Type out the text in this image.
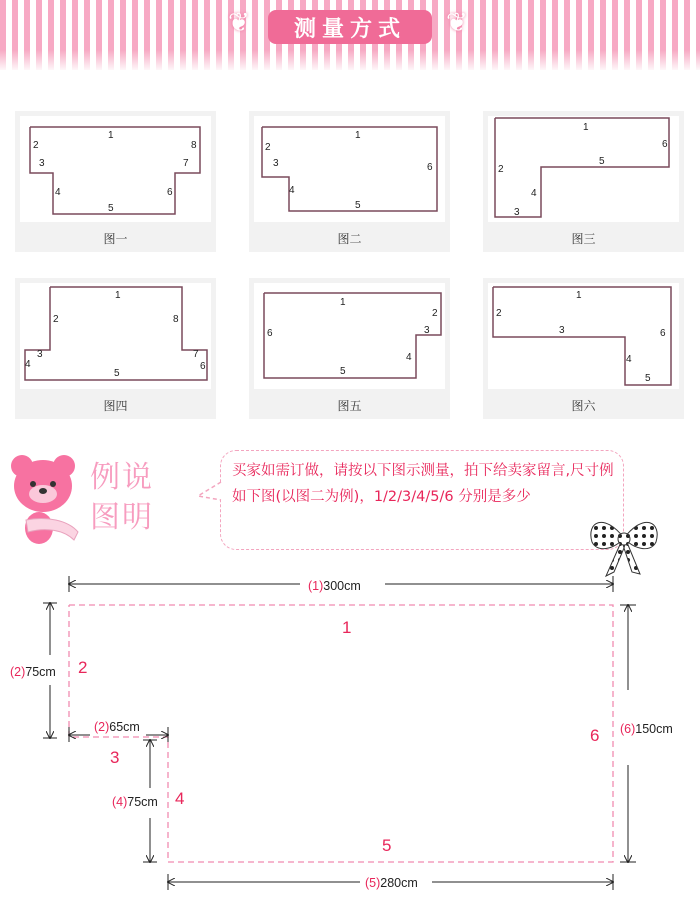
❦	测量方式	❦
1
2
3
4
5
6
7
8
图一
1
2
3
4
5
6
图二
1
2
3
4
5
6
图三
1
2
3
4
5
6
7
8
图四
1
2
3
4
5
6
图五
1
2
3
4
5
6
图六
例说
图明
买家如需订做，请按以下图示测量，拍下给卖家留言,尺寸例如下图(以图二为例)，1/2/3/4/5/6 分别是多少
(1)300cm
(2)75cm
(2)65cm
(4)75cm
(5)280cm
(6)150cm
1
2
3
4
5
6
